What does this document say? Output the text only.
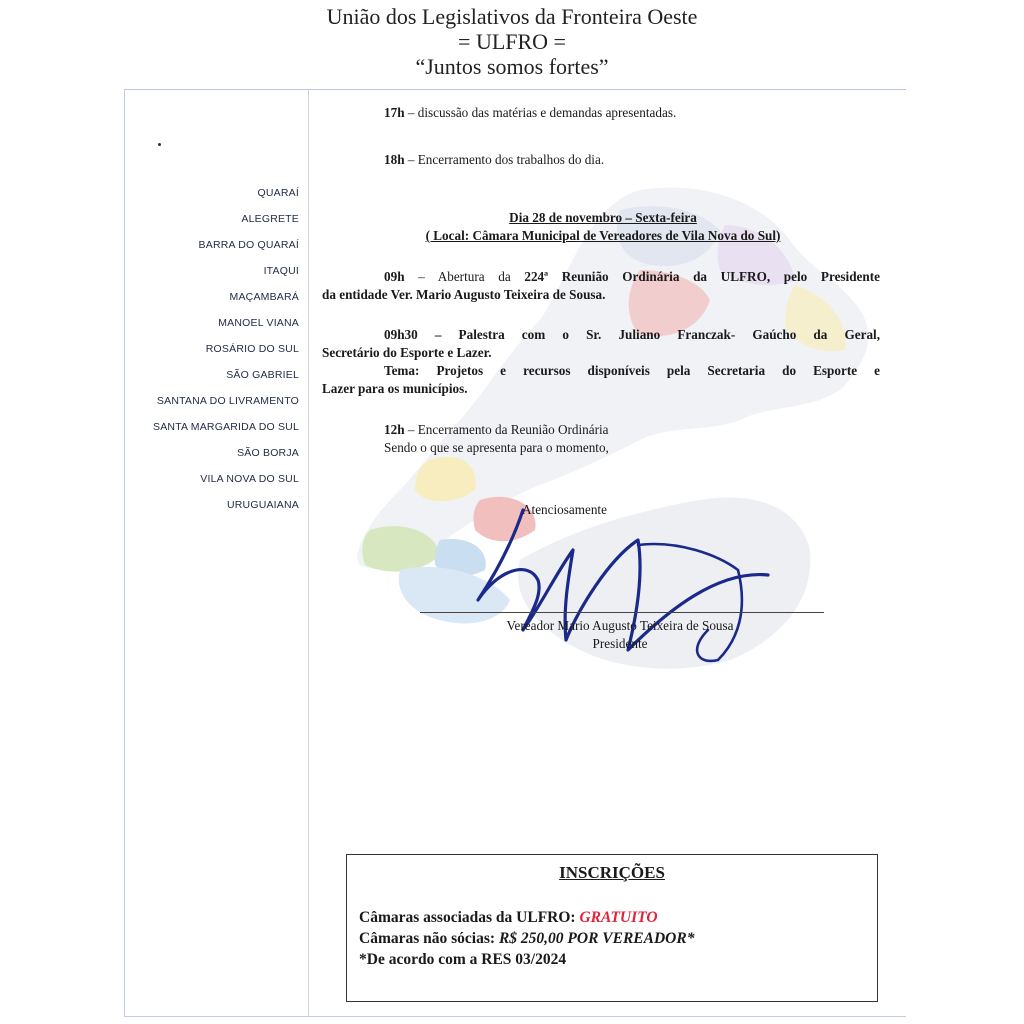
União dos Legislativos da Fronteira Oeste
= ULFRO =
“Juntos somos fortes”
QUARAÍ
ALEGRETE
BARRA DO QUARAÍ
ITAQUI
MAÇAMBARÁ
MANOEL VIANA
ROSÁRIO DO SUL
SÃO GABRIEL
SANTANA DO LIVRAMENTO
SANTA MARGARIDA DO SUL
SÃO BORJA
VILA NOVA DO SUL
URUGUAIANA
17h – discussão das matérias e demandas apresentadas.
18h – Encerramento dos trabalhos do dia.
Dia 28 de novembro – Sexta-feira
( Local: Câmara Municipal de Vereadores de Vila Nova do Sul)
09h – Abertura da 224ª Reunião Ordinária da ULFRO, pelo Presidente
da entidade Ver. Mario Augusto Teixeira de Sousa.
09h30 – Palestra com o Sr. Juliano Franczak- Gaúcho da Geral,
Secretário do Esporte e Lazer.
Tema: Projetos e recursos disponíveis pela Secretaria do Esporte e
Lazer para os municípios.
12h – Encerramento da Reunião Ordinária
Sendo o que se apresenta para o momento,
Atenciosamente
Vereador Mario Augusto Teixeira de Sousa
Presidente
INSCRIÇÕES
Câmaras associadas da ULFRO: GRATUITO
Câmaras não sócias: R$ 250,00 POR VEREADOR*
*De acordo com a RES 03/2024
